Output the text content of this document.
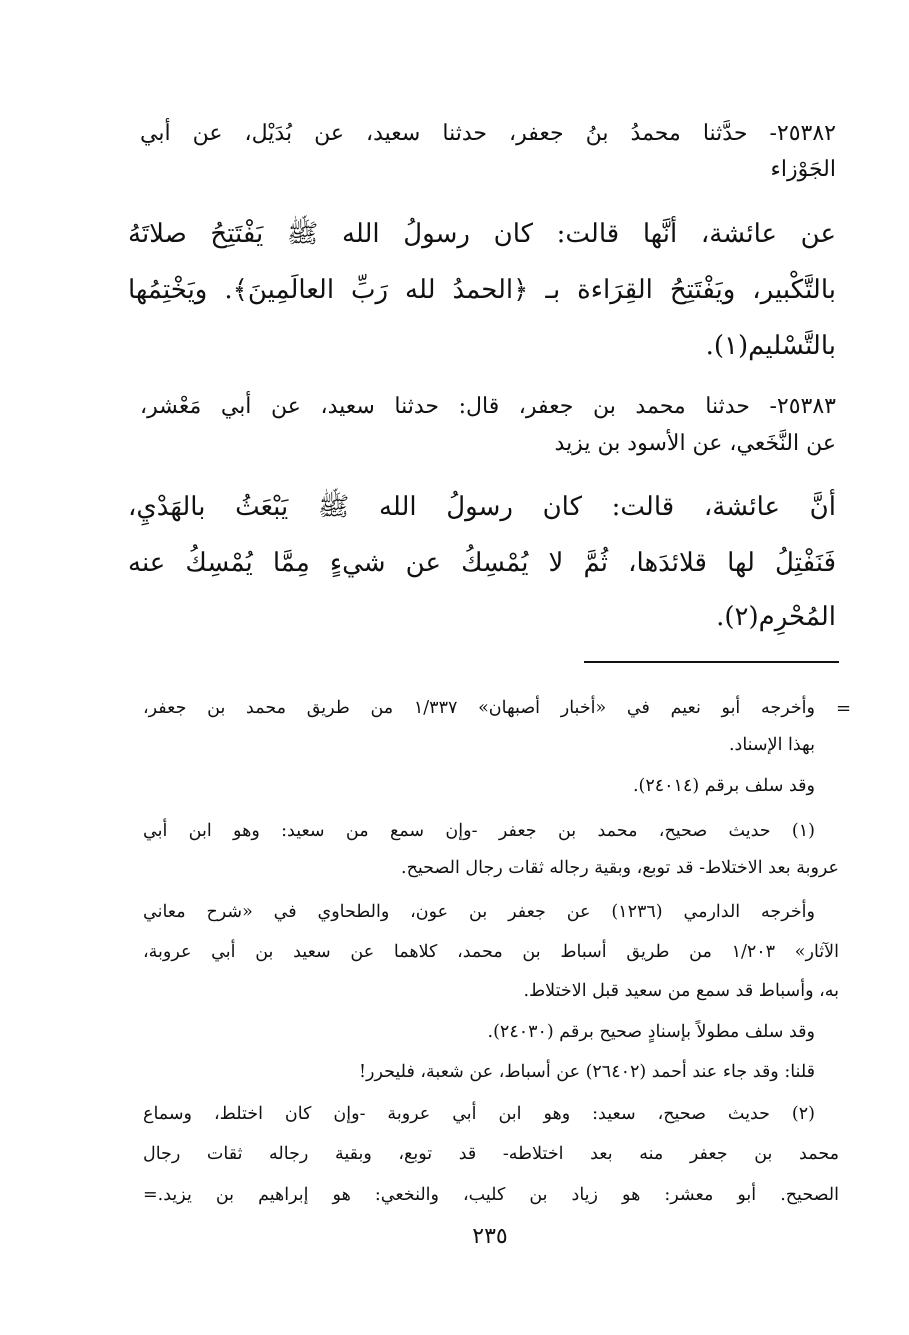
٢٥٣٨٢- حدَّثنا محمدُ بنُ جعفر، حدثنا سعيد، عن بُدَيْل، عن أبي
الجَوْزاء
عن عائشة، أنَّها قالت: كان رسولُ الله ﷺ يَفْتَتِحُ صلاتَهُ
بالتَّكْبير، ويَفْتَتِحُ القِرَاءة بـ ﴿الحمدُ لله رَبِّ العالَمِينَ﴾. ويَخْتِمُها
بالتَّسْليم(١).
٢٥٣٨٣- حدثنا محمد بن جعفر، قال: حدثنا سعيد، عن أبي مَعْشر،
عن النَّخَعي، عن الأسود بن يزيد
أنَّ عائشة، قالت: كان رسولُ الله ﷺ يَبْعَثُ بالهَدْيِ،
فَنَفْتِلُ لها قلائدَها، ثُمَّ لا يُمْسِكُ عن شيءٍ مِمَّا يُمْسِكُ عنه
المُحْرِم(٢).
=
وأخرجه أبو نعيم في «أخبار أصبهان» ١/٣٣٧ من طريق محمد بن جعفر،
بهذا الإسناد.
وقد سلف برقم (٢٤٠١٤).
(١) حديث صحيح، محمد بن جعفر -وإن سمع من سعيد: وهو ابن أبي
عروبة بعد الاختلاط- قد توبع، وبقية رجاله ثقات رجال الصحيح.
وأخرجه الدارمي (١٢٣٦) عن جعفر بن عون، والطحاوي في «شرح معاني
الآثار» ١/٢٠٣ من طريق أسباط بن محمد، كلاهما عن سعيد بن أبي عروبة،
به، وأسباط قد سمع من سعيد قبل الاختلاط.
وقد سلف مطولاً بإسنادٍ صحيح برقم (٢٤٠٣٠).
قلنا: وقد جاء عند أحمد (٢٦٤٠٢) عن أسباط، عن شعبة، فليحرر!
(٢) حديث صحيح، سعيد: وهو ابن أبي عروبة -وإن كان اختلط، وسماع
محمد بن جعفر منه بعد اختلاطه- قد توبع، وبقية رجاله ثقات رجال
الصحيح. أبو معشر: هو زياد بن كليب، والنخعي: هو إبراهيم بن يزيد.=
٢٣٥
